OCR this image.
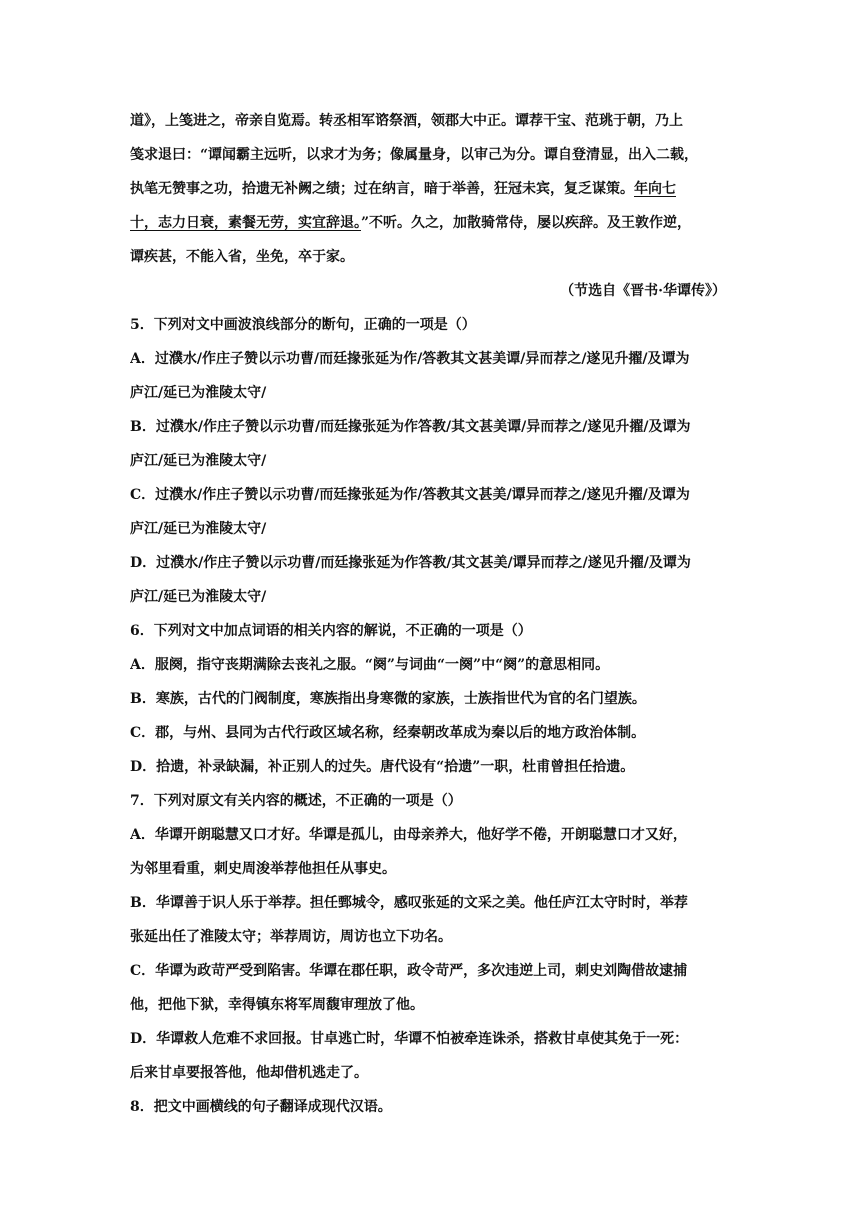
道》，上笺进之，帝亲自览焉。转丞相军谘祭酒，领郡大中正。谭荐干宝、范珧于朝，乃上
笺求退曰：“谭闻霸主远听，以求才为务；像属量身，以审己为分。谭自登清显，出入二载，
执笔无赞事之功，拾遗无补阙之绩；过在纳言，暗于举善，狂冠未宾，复乏谋策。年向七
十，志力日衰，素餐无劳，实宜辞退。”不听。久之，加散骑常侍，屡以疾辞。及王敦作逆，
谭疾甚，不能入省，坐免，卒于家。
（节选自《晋书·华谭传》）
5．下列对文中画波浪线部分的断句，正确的一项是（）
A．过濮水/作庄子赞以示功曹/而廷掾张延为作/答教其文甚美谭/异而荐之/遂见升擢/及谭为
庐江/延已为淮陵太守/
B．过濮水/作庄子赞以示功曹/而廷掾张延为作答教/其文甚美谭/异而荐之/遂见升擢/及谭为
庐江/延已为淮陵太守/
C．过濮水/作庄子赞以示功曹/而廷掾张延为作/答教其文甚美/谭异而荐之/遂见升擢/及谭为
庐江/延已为淮陵太守/
D．过濮水/作庄子赞以示功曹/而廷掾张延为作答教/其文甚美/谭异而荐之/遂见升擢/及谭为
庐江/延已为淮陵太守/
6．下列对文中加点词语的相关内容的解说，不正确的一项是（）
A．服阕，指守丧期满除去丧礼之服。“阕”与词曲“一阕”中“阕”的意思相同。
B．寒族，古代的门阀制度，寒族指出身寒微的家族，士族指世代为官的名门望族。
C．郡，与州、县同为古代行政区域名称，经秦朝改革成为秦以后的地方政治体制。
D．拾遗，补录缺漏，补正别人的过失。唐代设有“拾遗”一职，杜甫曾担任拾遗。
7．下列对原文有关内容的概述，不正确的一项是（）
A．华谭开朗聪慧又口才好。华谭是孤儿，由母亲养大，他好学不倦，开朗聪慧口才又好，
为邻里看重，刺史周浚举荐他担任从事史。
B．华谭善于识人乐于举荐。担任鄄城令，感叹张延的文采之美。他任庐江太守时时，举荐
张延出任了淮陵太守；举荐周访，周访也立下功名。
C．华谭为政苛严受到陷害。华谭在郡任职，政令苛严，多次违逆上司，刺史刘陶借故逮捕
他，把他下狱，幸得镇东将军周馥审理放了他。
D．华谭救人危难不求回报。甘卓逃亡时，华谭不怕被牵连诛杀，搭救甘卓使其免于一死：
后来甘卓要报答他，他却借机逃走了。
8．把文中画横线的句子翻译成现代汉语。
